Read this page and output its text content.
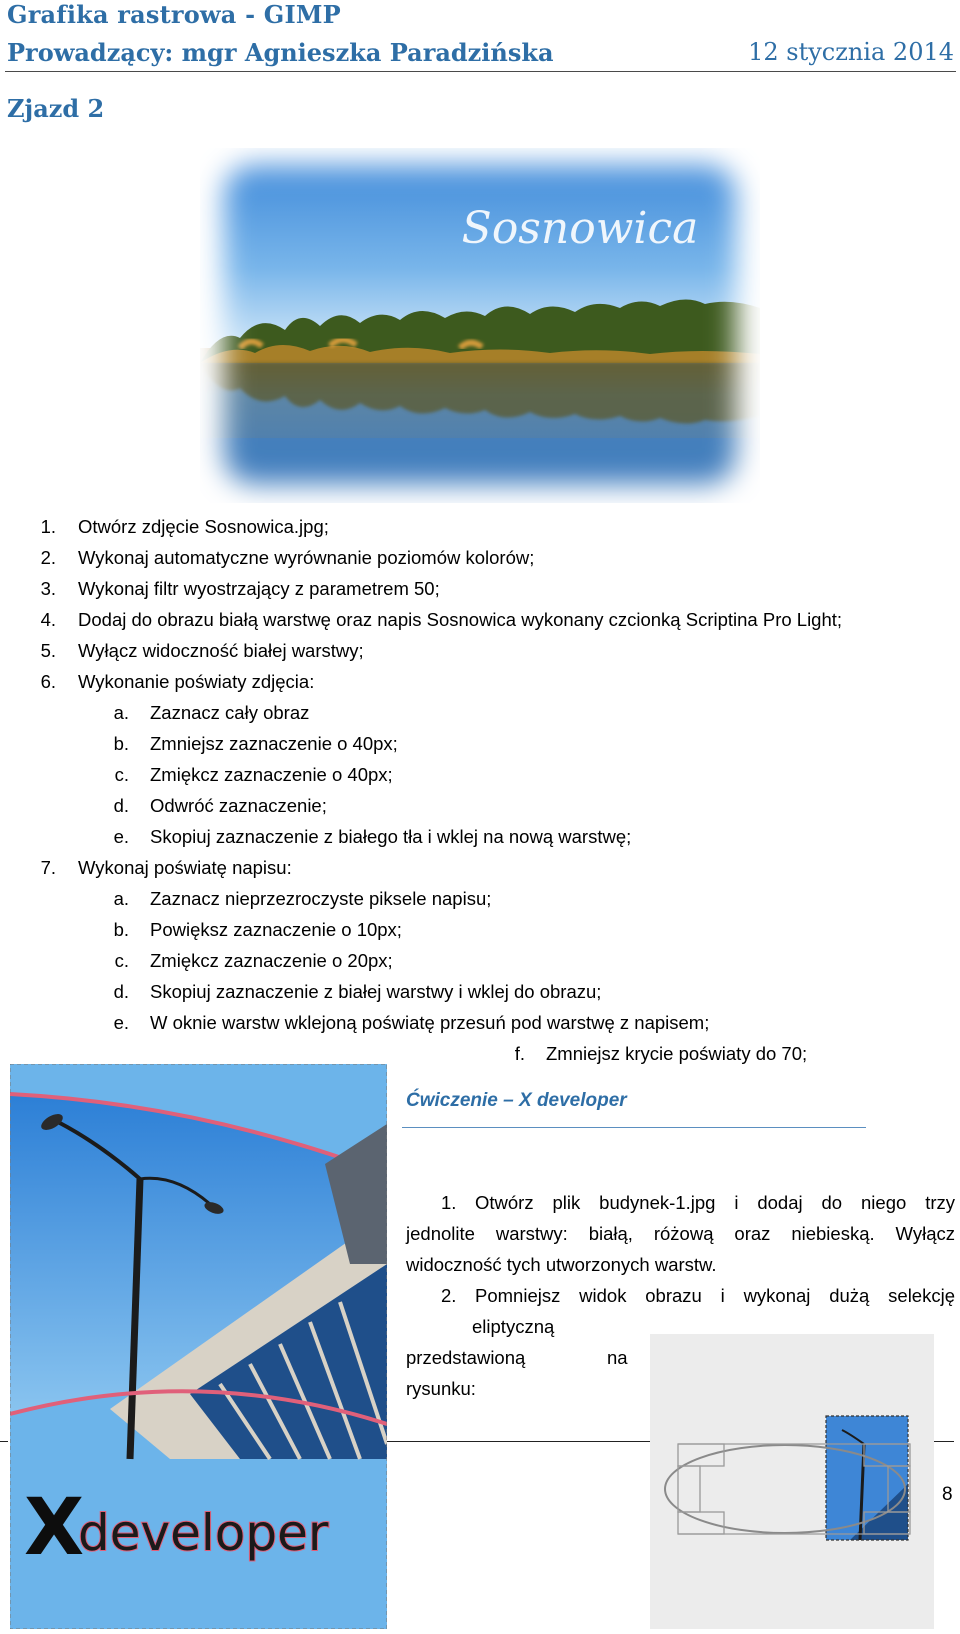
Grafika rastrowa - GIMP
Prowadzący: mgr Agnieszka Paradzińska	12 stycznia 2014
Zjazd 2
Sosnowica
1. Otwórz zdjęcie Sosnowica.jpg;
2. Wykonaj automatyczne wyrównanie poziomów kolorów;
3. Wykonaj filtr wyostrzający z parametrem 50;
4. Dodaj do obrazu białą warstwę oraz napis Sosnowica wykonany czcionką Scriptina Pro Light;
5. Wyłącz widoczność białej warstwy;
6. Wykonanie poświaty zdjęcia:
a. Zaznacz cały obraz
b. Zmniejsz zaznaczenie o 40px;
c. Zmiękcz zaznaczenie o 40px;
d. Odwróć zaznaczenie;
e. Skopiuj zaznaczenie z białego tła i wklej na nową warstwę;
7. Wykonaj poświatę napisu:
a. Zaznacz nieprzezroczyste piksele napisu;
b. Powiększ zaznaczenie o 10px;
c. Zmiękcz zaznaczenie o 20px;
d. Skopiuj zaznaczenie z białej warstwy i wklej do obrazu;
e. W oknie warstw wklejoną poświatę przesuń pod warstwę z napisem;
f. Zmniejsz krycie poświaty do 70;
X
developer
Ćwiczenie – X developer
1. Otwórz plik budynek-1.jpg i dodaj do niego trzy
jednolite warstwy: białą, różową oraz niebieską. Wyłącz
widoczność tych utworzonych warstw.
2. Pomniejsz widok obrazu i wykonaj dużą selekcję
eliptyczną
przedstawioną	na
rysunku:
8
